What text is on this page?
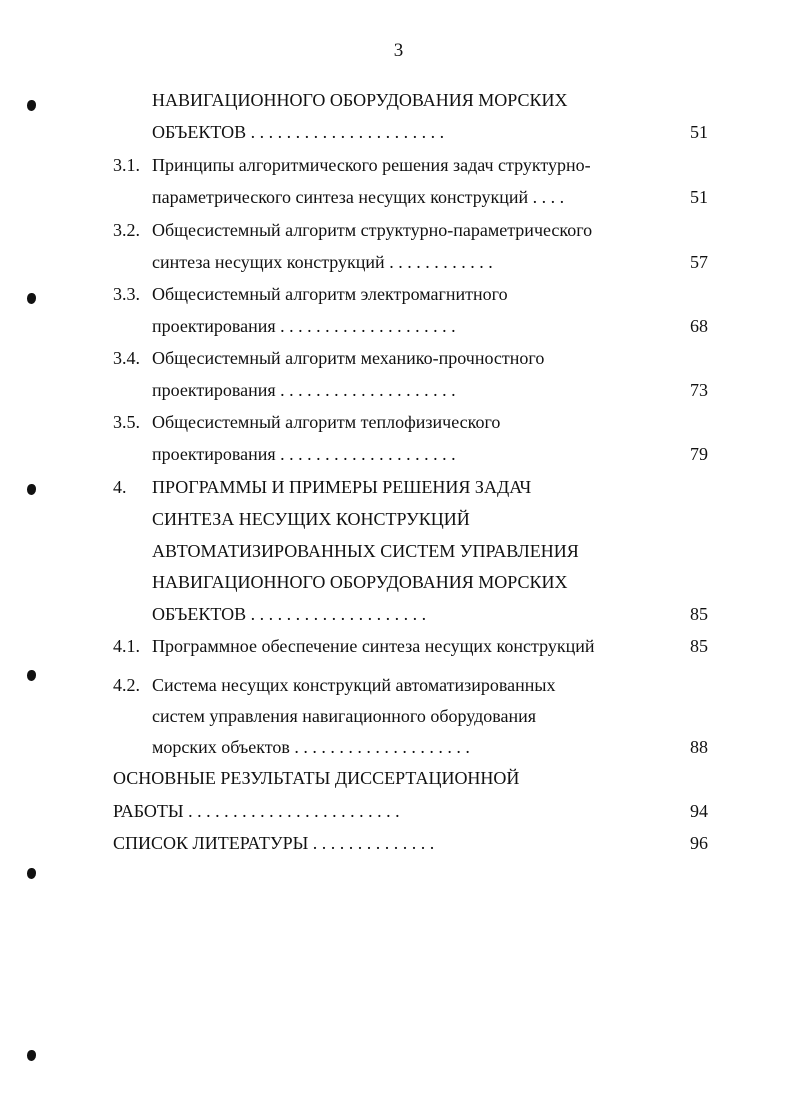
3
НАВИГАЦИОННОГО ОБОРУДОВАНИЯ МОРСКИХ
ОБЪЕКТОВ . . . . . . . . . . . . . . . . . . . . . .	51
3.1. Принципы алгоритмического решения задач структурно-
параметрического синтеза несущих конструкций . . . .	51
3.2. Общесистемный алгоритм структурно-параметрического
синтеза несущих конструкций . . . . . . . . . . . .	57
3.3. Общесистемный алгоритм электромагнитного
проектирования . . . . . . . . . . . . . . . . . . . .	68
3.4. Общесистемный алгоритм механико-прочностного
проектирования . . . . . . . . . . . . . . . . . . . .	73
3.5. Общесистемный алгоритм теплофизического
проектирования . . . . . . . . . . . . . . . . . . . .	79
4. ПРОГРАММЫ И ПРИМЕРЫ РЕШЕНИЯ ЗАДАЧ
СИНТЕЗА НЕСУЩИХ КОНСТРУКЦИЙ
АВТОМАТИЗИРОВАННЫХ СИСТЕМ УПРАВЛЕНИЯ
НАВИГАЦИОННОГО ОБОРУДОВАНИЯ МОРСКИХ
ОБЪЕКТОВ . . . . . . . . . . . . . . . . . . . .	85
4.1. Программное обеспечение синтеза несущих конструкций	85
4.2. Система несущих конструкций автоматизированных
систем управления навигационного оборудования
морских объектов . . . . . . . . . . . . . . . . . . . .	88
ОСНОВНЫЕ РЕЗУЛЬТАТЫ ДИССЕРТАЦИОННОЙ
РАБОТЫ . . . . . . . . . . . . . . . . . . . . . . . .	94
СПИСОК ЛИТЕРАТУРЫ . . . . . . . . . . . . . .	96
